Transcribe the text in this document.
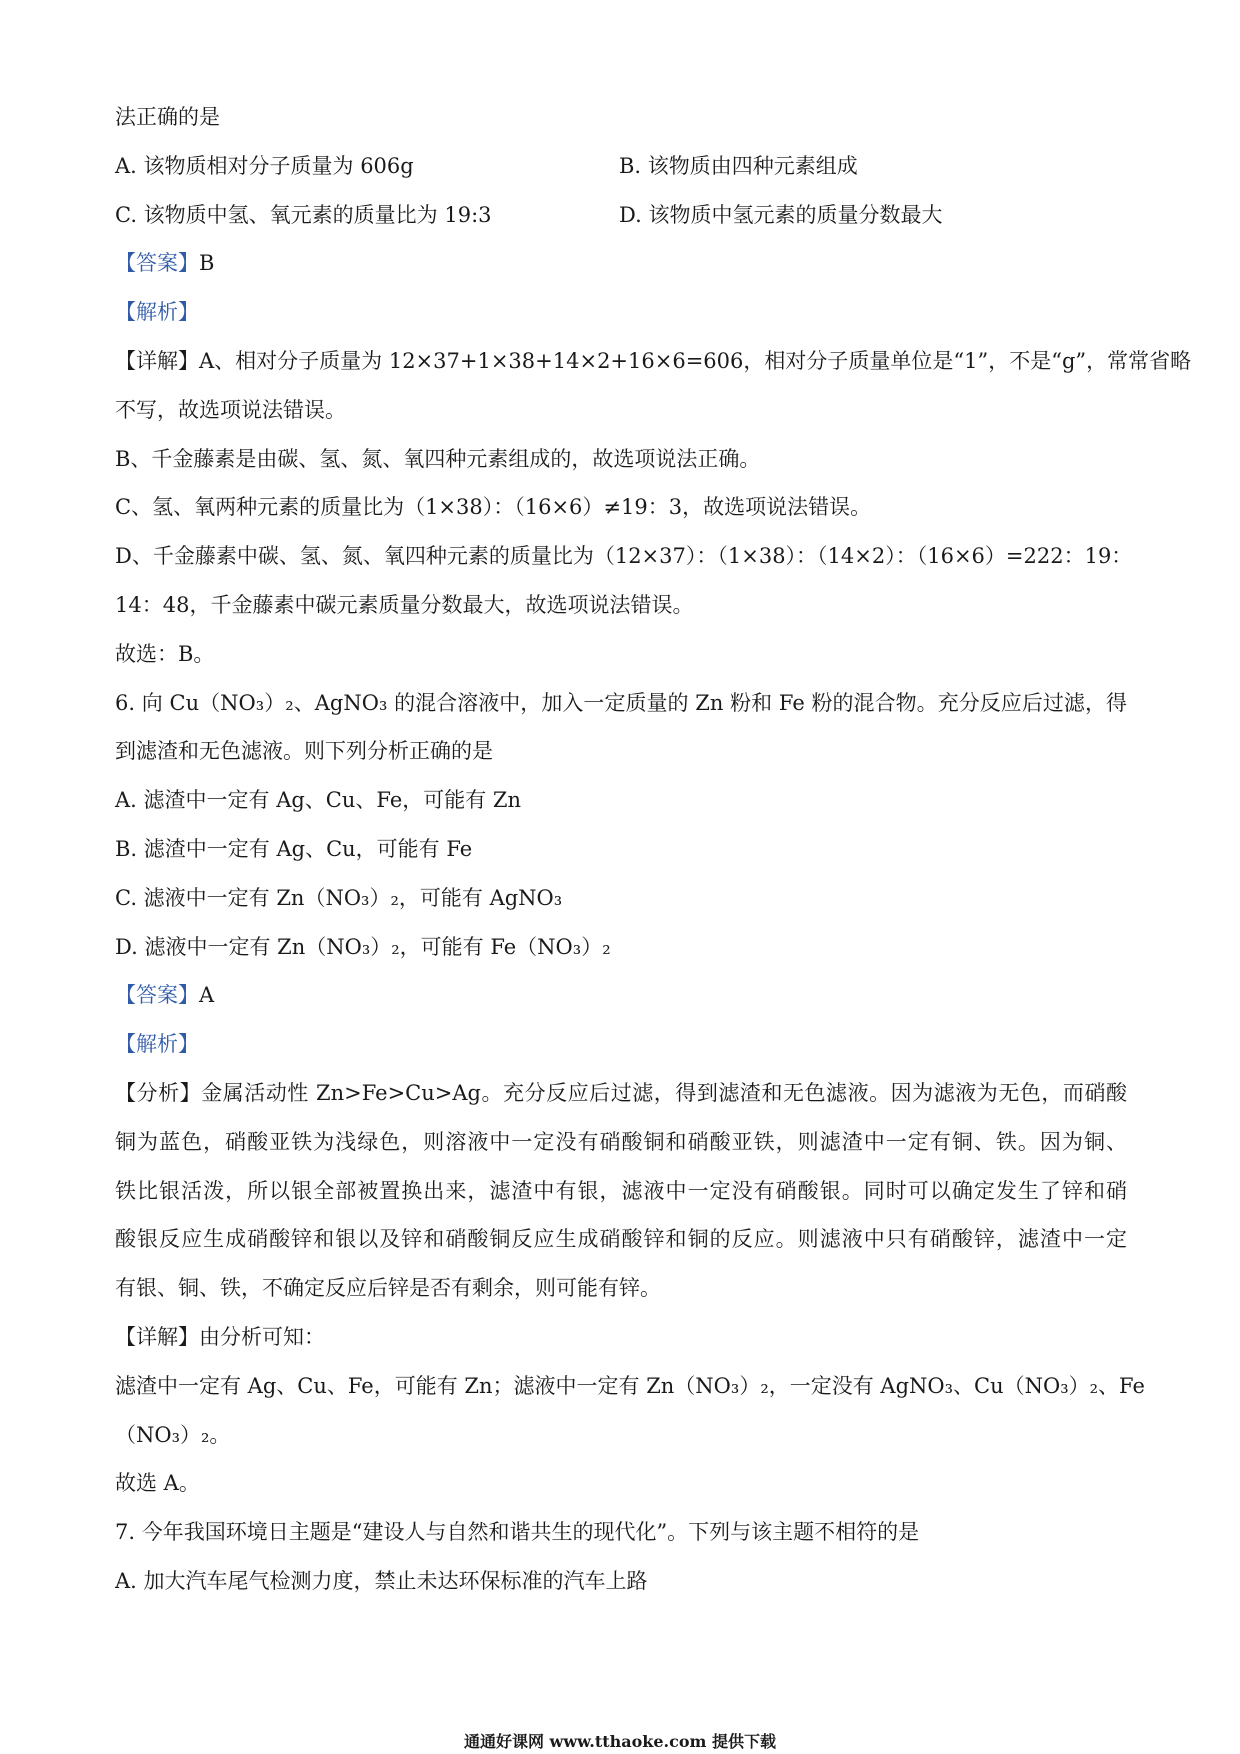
法正确的是
A. 该物质相对分子质量为 606g	B. 该物质由四种元素组成
C. 该物质中氢、氧元素的质量比为 19:3	D. 该物质中氢元素的质量分数最大
【答案】B
【解析】
【详解】A、相对分子质量为 12×37+1×38+14×2+16×6=606，相对分子质量单位是“1”，不是“g”，常常省略
不写，故选项说法错误。
B、千金藤素是由碳、氢、氮、氧四种元素组成的，故选项说法正确。
C、氢、氧两种元素的质量比为（1×38）：（16×6）≠19：3，故选项说法错误。
D、千金藤素中碳、氢、氮、氧四种元素的质量比为（12×37）：（1×38）：（14×2）：（16×6）=222：19：
14：48，千金藤素中碳元素质量分数最大，故选项说法错误。
故选：B。
6. 向 Cu（NO₃）₂、AgNO₃ 的混合溶液中，加入一定质量的 Zn 粉和 Fe 粉的混合物。充分反应后过滤，得
到滤渣和无色滤液。则下列分析正确的是
A. 滤渣中一定有 Ag、Cu、Fe，可能有 Zn
B. 滤渣中一定有 Ag、Cu，可能有 Fe
C. 滤液中一定有 Zn（NO₃）₂，可能有 AgNO₃
D. 滤液中一定有 Zn（NO₃）₂，可能有 Fe（NO₃）₂
【答案】A
【解析】
【分析】金属活动性 Zn>Fe>Cu>Ag。充分反应后过滤，得到滤渣和无色滤液。因为滤液为无色，而硝酸
铜为蓝色，硝酸亚铁为浅绿色，则溶液中一定没有硝酸铜和硝酸亚铁，则滤渣中一定有铜、铁。因为铜、
铁比银活泼，所以银全部被置换出来，滤渣中有银，滤液中一定没有硝酸银。同时可以确定发生了锌和硝
酸银反应生成硝酸锌和银以及锌和硝酸铜反应生成硝酸锌和铜的反应。则滤液中只有硝酸锌，滤渣中一定
有银、铜、铁，不确定反应后锌是否有剩余，则可能有锌。
【详解】由分析可知：
滤渣中一定有 Ag、Cu、Fe，可能有 Zn；滤液中一定有 Zn（NO₃）₂，一定没有 AgNO₃、Cu（NO₃）₂、Fe
（NO₃）₂。
故选 A。
7. 今年我国环境日主题是“建设人与自然和谐共生的现代化”。下列与该主题不相符的是
A. 加大汽车尾气检测力度，禁止未达环保标准的汽车上路
通通好课网 www.tthaoke.com 提供下载
